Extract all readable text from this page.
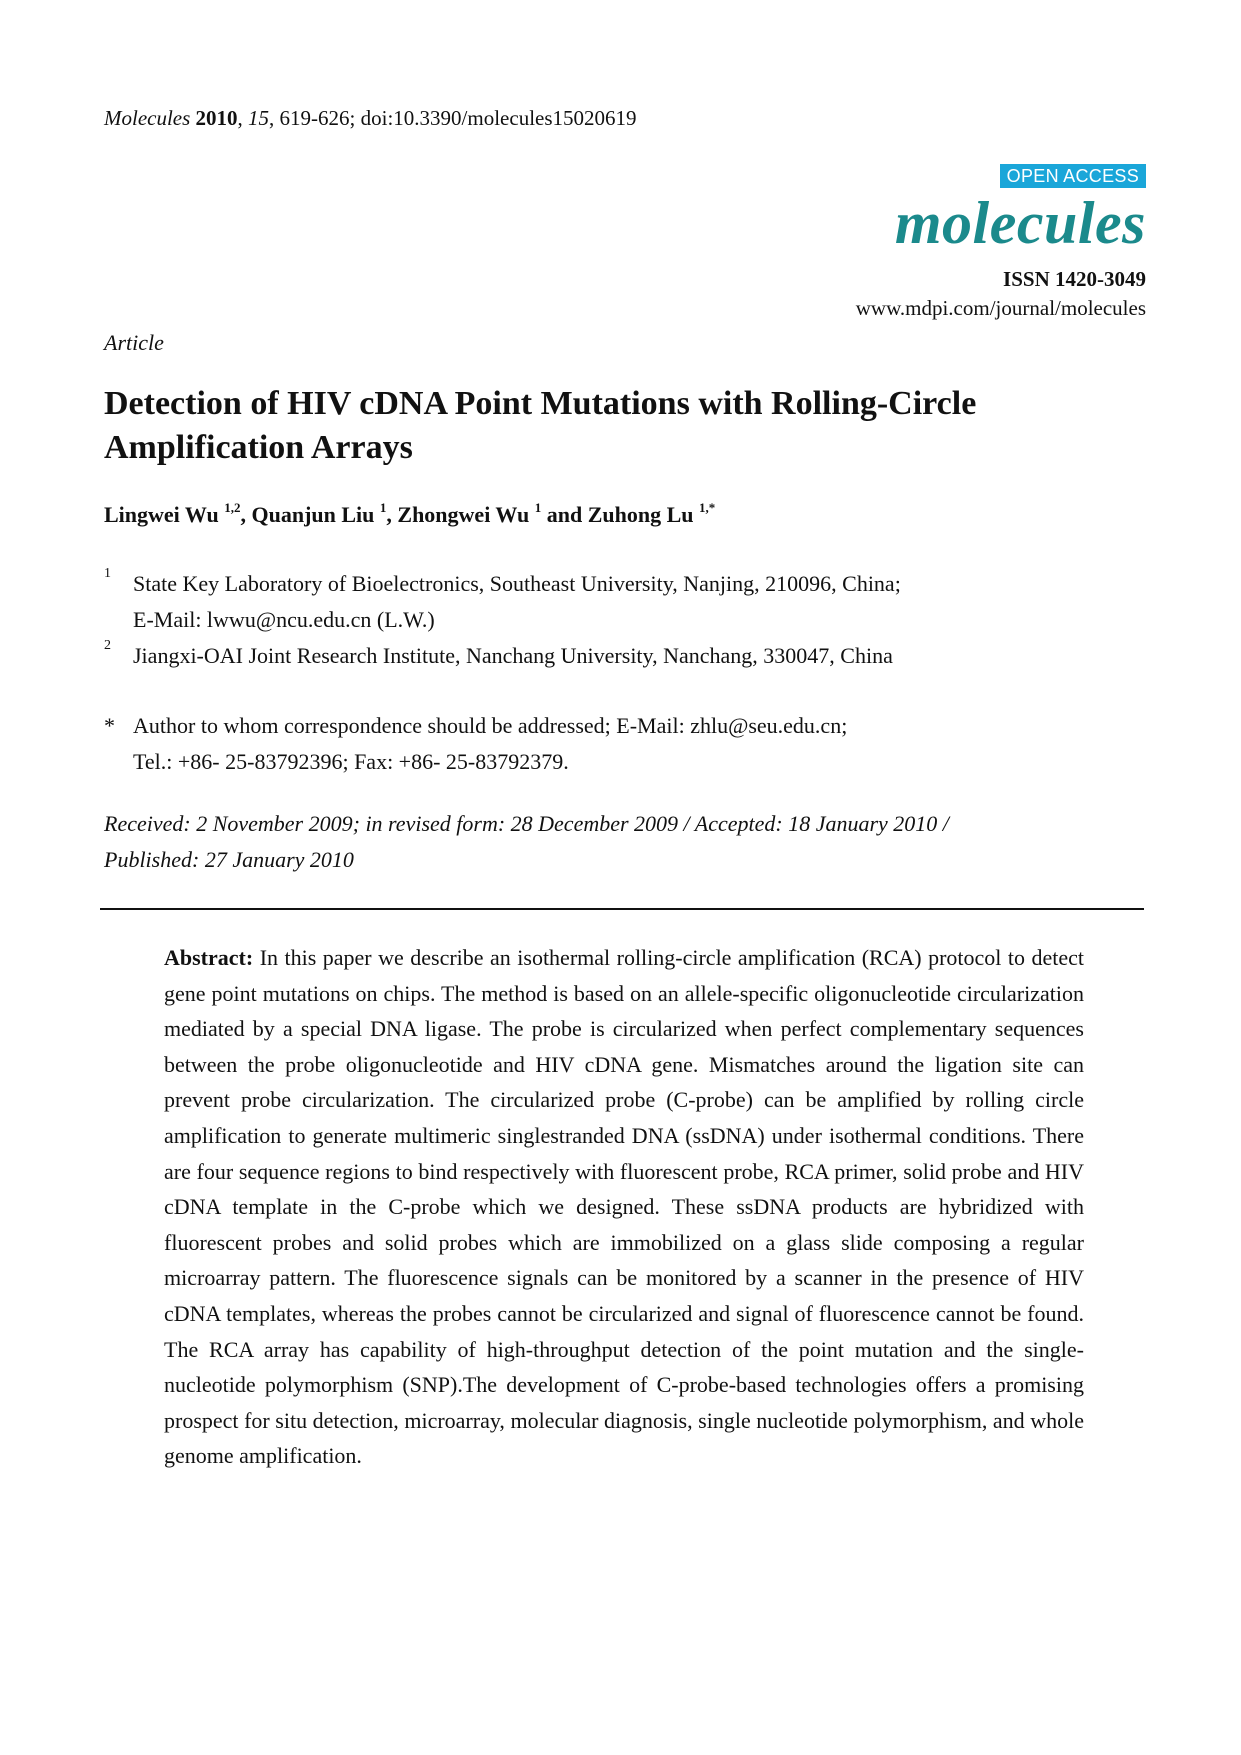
Molecules 2010, 15, 619-626; doi:10.3390/molecules15020619
OPEN ACCESS
molecules
ISSN 1420-3049
www.mdpi.com/journal/molecules
Article
Detection of HIV cDNA Point Mutations with Rolling-Circle
Amplification Arrays
Lingwei Wu $^{1,2}$, Quanjun Liu $^1$, Zhongwei Wu $^1$ and Zuhong Lu $^{1,*}$
1 State Key Laboratory of Bioelectronics, Southeast University, Nanjing, 210096, China;
E-Mail: lwwu@ncu.edu.cn (L.W.)
2 Jiangxi-OAI Joint Research Institute, Nanchang University, Nanchang, 330047, China
* Author to whom correspondence should be addressed; E-Mail: zhlu@seu.edu.cn;
Tel.: +86- 25-83792396; Fax: +86- 25-83792379.
Received: 2 November 2009; in revised form: 28 December 2009 / Accepted: 18 January 2010 /
Published: 27 January 2010

Abstract: In this paper we describe an isothermal rolling-circle amplification (RCA) protocol to detect gene point mutations on chips. The method is based on an allele-specific oligonucleotide circularization mediated by a special DNA ligase. The probe is circularized when perfect complementary sequences between the probe oligonucleotide and HIV cDNA gene. Mismatches around the ligation site can prevent probe circularization. The circularized probe (C-probe) can be amplified by rolling circle amplification to generate multimeric singlestranded DNA (ssDNA) under isothermal conditions. There are four sequence regions to bind respectively with fluorescent probe, RCA primer, solid probe and HIV cDNA template in the C-probe which we designed. These ssDNA products are hybridized with fluorescent probes and solid probes which are immobilized on a glass slide composing a regular microarray pattern. The fluorescence signals can be monitored by a scanner in the presence of HIV cDNA templates, whereas the probes cannot be circularized and signal of fluorescence cannot be found. The RCA array has capability of high-throughput detection of the point mutation and the single-nucleotide polymorphism (SNP).The development of C-probe-based technologies offers a promising prospect for situ detection, microarray, molecular diagnosis, single nucleotide polymorphism, and whole genome amplification.
